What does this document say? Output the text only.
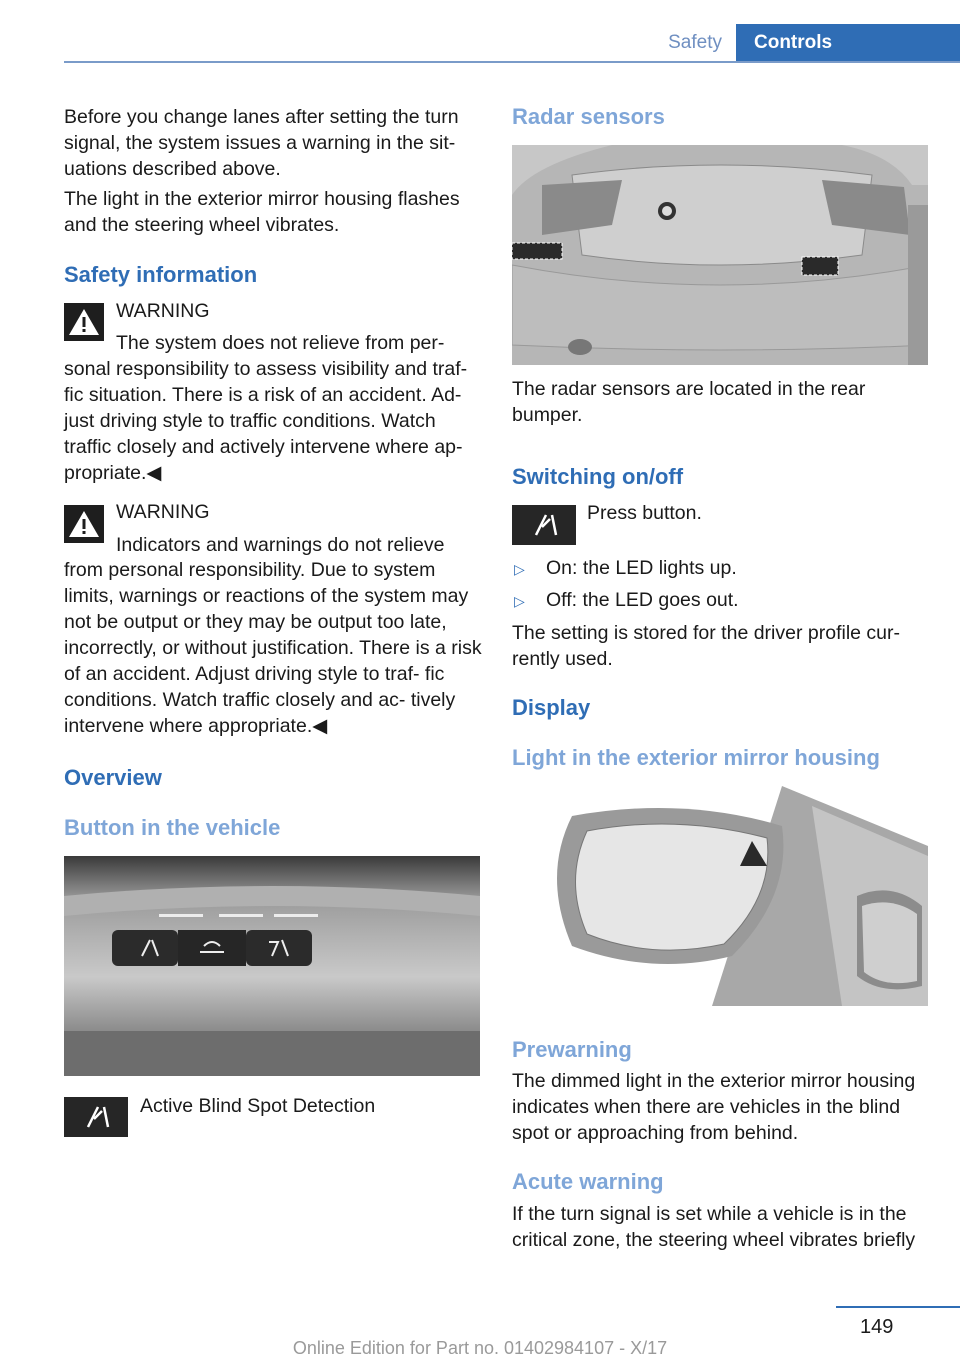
Safety	Controls

Before you change lanes after setting the turn signal, the system issues a warning in the sit‐ uations described above.

The light in the exterior mirror housing flashes and the steering wheel vibrates.

Safety information
WARNING
The system does not relieve from per‐

sonal responsibility to assess visibility and traf‐ fic situation. There is a risk of an accident. Ad‐ just driving style to traffic conditions. Watch traffic closely and actively intervene where ap‐ propriate.◀

WARNING
Indicators and warnings do not relieve

from personal responsibility. Due to system limits, warnings or reactions of the system may not be output or they may be output too late, incorrectly, or without justification. There is a risk of an accident. Adjust driving style to traf‐ fic conditions. Watch traffic closely and ac‐ tively intervene where appropriate.◀

Overview
Button in the vehicle
Active Blind Spot Detection
Radar sensors

The radar sensors are located in the rear bumper.

Switching on/off
Press button.
▷ On: the LED lights up.
▷ Off: the LED goes out.

The setting is stored for the driver profile cur‐ rently used.

Display
Light in the exterior mirror housing
Prewarning

The dimmed light in the exterior mirror housing indicates when there are vehicles in the blind spot or approaching from behind.

Acute warning

If the turn signal is set while a vehicle is in the critical zone, the steering wheel vibrates briefly

149
Online Edition for Part no. 01402984107 - X/17
